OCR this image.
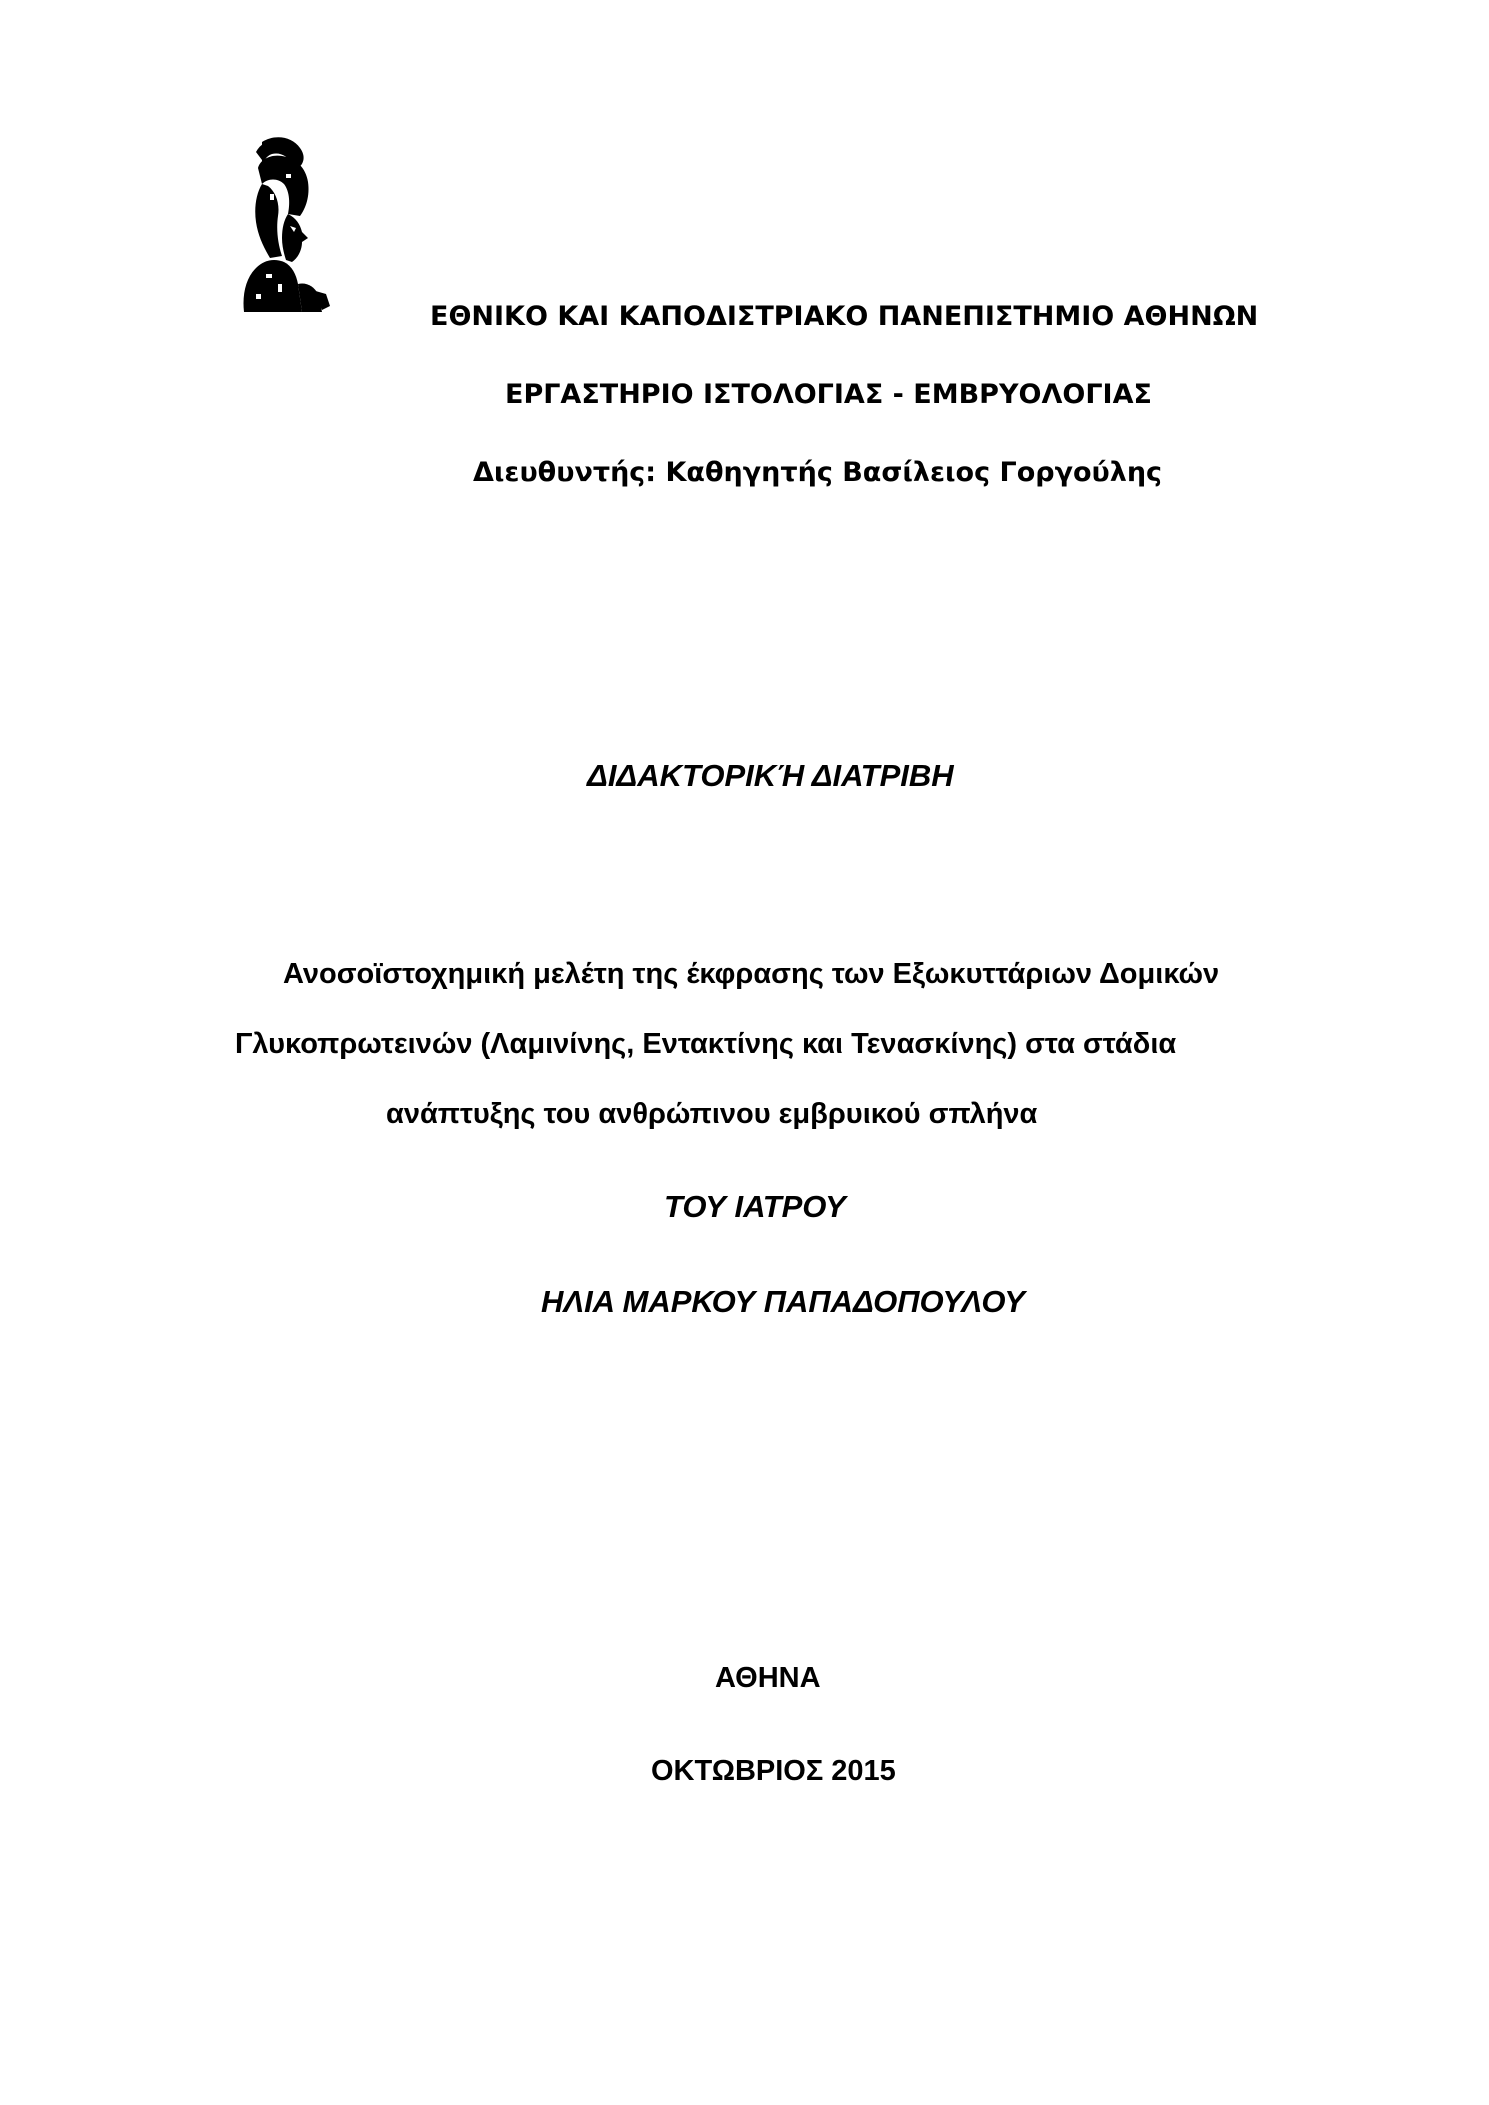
ΕΘΝΙΚΟ ΚΑΙ ΚΑΠΟΔΙΣΤΡΙΑΚΟ ΠΑΝΕΠΙΣΤΗΜΙΟ ΑΘΗΝΩΝ
ΕΡΓΑΣΤΗΡΙΟ ΙΣΤΟΛΟΓΙΑΣ - ΕΜΒΡΥΟΛΟΓΙΑΣ
Διευθυντής: Καθηγητής Βασίλειος Γοργούλης
ΔΙΔΑΚΤΟΡΙΚΉ ΔΙΑΤΡΙΒΗ
Ανοσοϊστοχημική μελέτη της έκφρασης των Εξωκυττάριων Δομικών
Γλυκοπρωτεινών (Λαμινίνης, Εντακτίνης και Τενασκίνης) στα στάδια
ανάπτυξης του ανθρώπινου εμβρυικού σπλήνα
ΤΟΥ ΙΑΤΡΟΥ
ΗΛΙΑ ΜΑΡΚΟΥ ΠΑΠΑΔΟΠΟΥΛΟΥ
ΑΘΗΝΑ
ΟΚΤΩΒΡΙΟΣ 2015
